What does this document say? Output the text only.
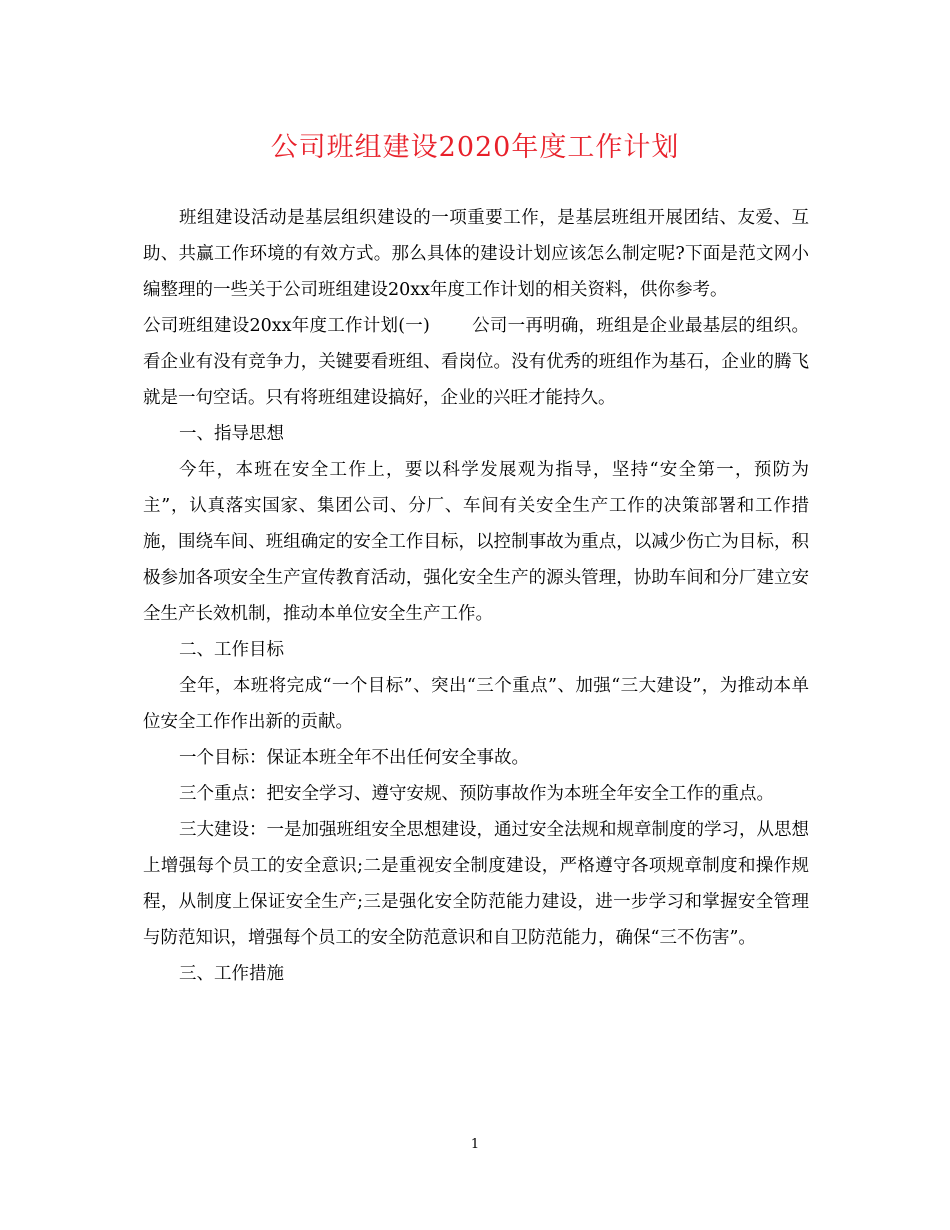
公司班组建设2020年度工作计划

班组建设活动是基层组织建设的一项重要工作，是基层班组开展团结、友爱、互助、共赢工作环境的有效方式。那么具体的建设计划应该怎么制定呢?下面是范文网小编整理的一些关于公司班组建设20xx年度工作计划的相关资料，供你参考。

公司班组建设20xx年度工作计划(一) 公司一再明确，班组是企业最基层的组织。看企业有没有竞争力，关键要看班组、看岗位。没有优秀的班组作为基石，企业的腾飞就是一句空话。只有将班组建设搞好，企业的兴旺才能持久。

一、指导思想

今年，本班在安全工作上，要以科学发展观为指导，坚持“安全第一，预防为主”，认真落实国家、集团公司、分厂、车间有关安全生产工作的决策部署和工作措施，围绕车间、班组确定的安全工作目标，以控制事故为重点，以减少伤亡为目标，积极参加各项安全生产宣传教育活动，强化安全生产的源头管理，协助车间和分厂建立安全生产长效机制，推动本单位安全生产工作。

二、工作目标

全年，本班将完成“一个目标”、突出“三个重点”、加强“三大建设”，为推动本单位安全工作作出新的贡献。

一个目标：保证本班全年不出任何安全事故。

三个重点：把安全学习、遵守安规、预防事故作为本班全年安全工作的重点。

三大建设：一是加强班组安全思想建设，通过安全法规和规章制度的学习，从思想上增强每个员工的安全意识;二是重视安全制度建设，严格遵守各项规章制度和操作规程，从制度上保证安全生产;三是强化安全防范能力建设，进一步学习和掌握安全管理与防范知识，增强每个员工的安全防范意识和自卫防范能力，确保“三不伤害”。

三、工作措施

1
